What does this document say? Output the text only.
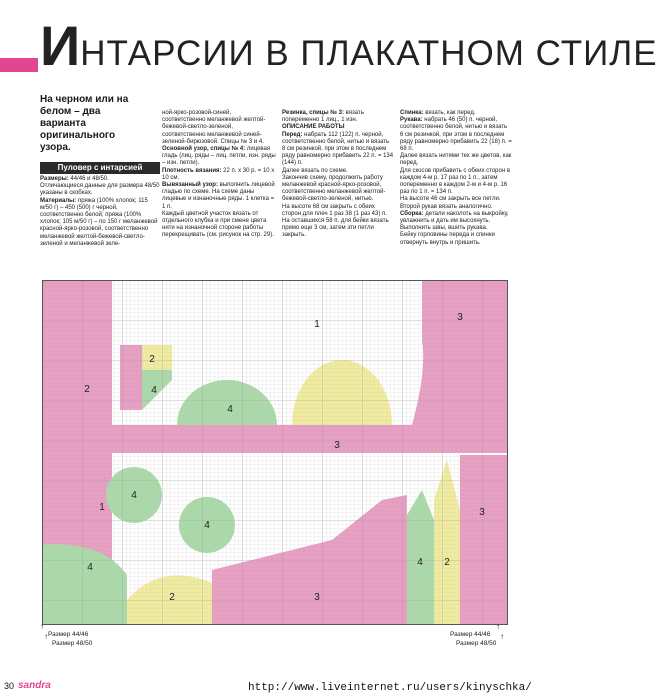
ИНТАРСИИ В ПЛАКАТНОМ СТИЛЕ
На черном или на белом – два варианта оригинального узора.
Пуловер с интарсией

Размеры: 44/46 и 48/50.

Отличающиеся данные для размера 48/50 указаны в скобках.

Материалы: пряжа (100% хлопок; 115 м/50 г) – 450 (500) г черной, соответственно белой; пряжа (100% хлопок; 105 м/50 г) – по 150 г меланжевой красной-ярко-розовой, соответственно меланжевой желтой-бежевой-светло-зеленой и меланжевой зеле-

ной-ярко-розовой-синей, соответственно меланжевой желтой-бежевой-светло-зеленой, соответственно меланжевой синей-зеленой-бирюзовой. Спицы № 3 и 4.

Основной узор, спицы № 4: лицевая гладь (лиц. ряды – лиц. петли, изн. ряды – изн. петли).

Плотность вязания: 22 п. х 30 р. = 10 х 10 см.

Вывязанный узор: выполнить лицевой гладью по схеме. На схеме даны лицевые и изнаночные ряды. 1 клетка = 1 п.

Каждый цветной участок вязать от отдельного клубка и при смене цвета нити на изнаночной стороне работы перекрещивать (см. рисунок на стр. 29).

Резинка, спицы № 3: вязать попеременно 1 лиц., 1 изн.

ОПИСАНИЕ РАБОТЫ

Перед: набрать 112 (122) п. черной, соответственно белой, нитью и вязать 8 см резинкой, при этом в последнем ряду равномерно прибавить 22 п. = 134 (144) п.

Далее вязать по схеме.

Закончив схему, продолжить работу меланжевой красной-ярко-розовой, соответственно меланжевой желтой-бежевой-светло-зеленой, нитью.

На высоте 68 см закрыть с обеих сторон для плеч 1 раз 38 (1 раз 43) п. На оставшихся 58 п. для бейки вязать прямо еще 3 см, затем эти петли закрыть.

Спинка: вязать, как перед.

Рукава: набрать 46 (50) п. черной, соответственно белой, нитью и вязать 6 см резинкой, при этом в последнем ряду равномерно прибавить 22 (18) п. = 68 п.

Далее вязать нитями тех же цветов, как перед.

Для скосов прибавить с обеих сторон в каждом 4-м р. 17 раз по 1 п., затем попеременно в каждом 2-м и 4-м р. 16 раз по 1 п. = 134 п.

На высоте 46 см закрыть все петли.

Второй рукав вязать аналогично.

Сборка: детали наколоть на выкройку, увлажнить и дать им высохнуть. Выполнить швы, вшить рукава.

Бейку горловины переда и спинки отвернуть внутрь и пришить.

1
2
2
3
3
4
4
4
4
4
1
2	3
4 2
3
↑
Размер 44/46
↑
Размер 48/50
Размер 44/46
↑
Размер 48/50
↑
30 sandra	http://www.liveinternet.ru/users/kinyschka/
